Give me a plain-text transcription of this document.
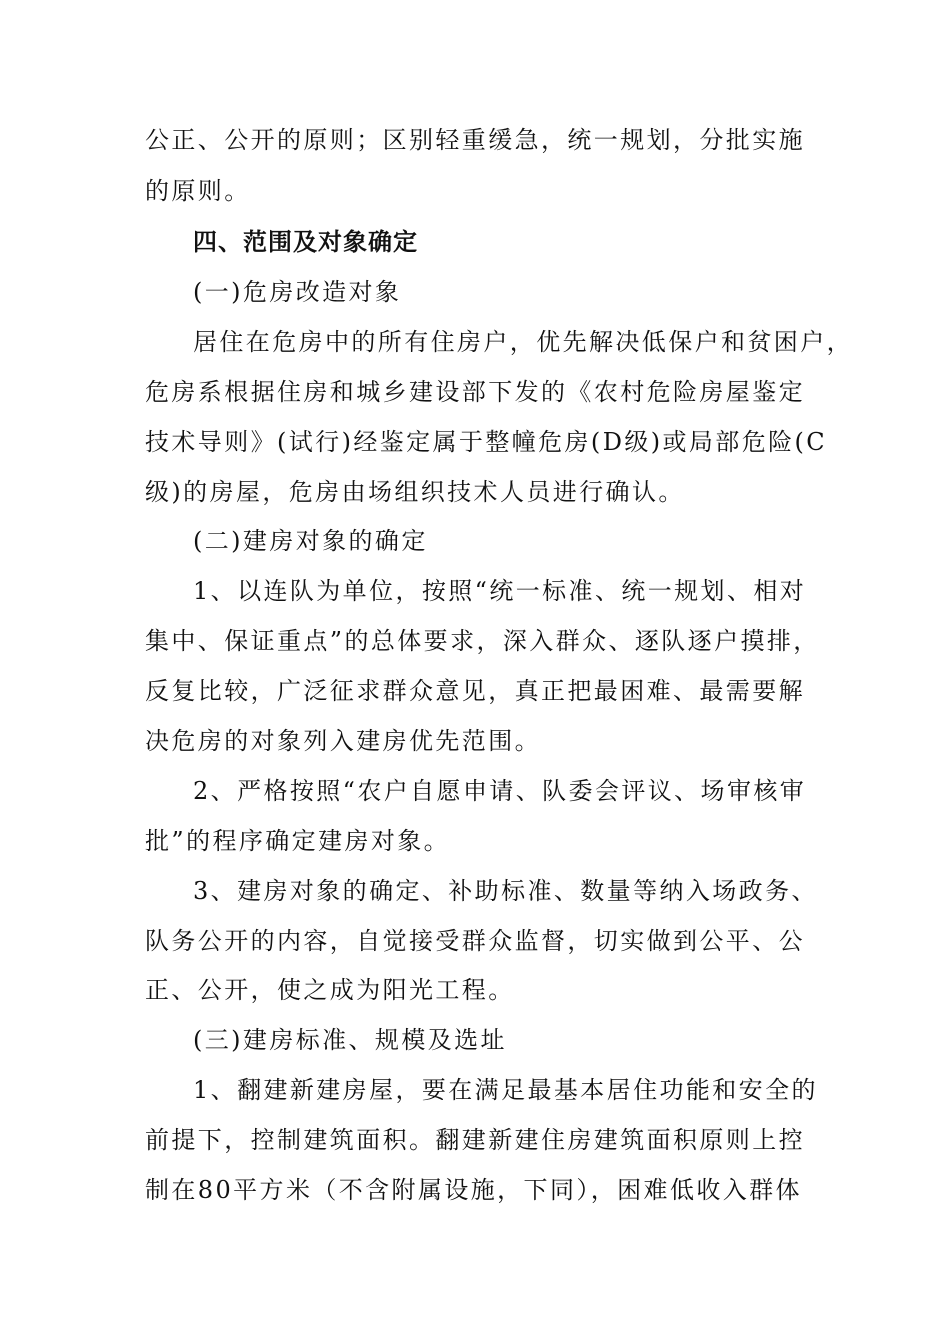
公正、公开的原则；区别轻重缓急，统一规划，分批实施
的原则。
四、范围及对象确定
(一)危房改造对象
居住在危房中的所有住房户，优先解决低保户和贫困户，
危房系根据住房和城乡建设部下发的《农村危险房屋鉴定
技术导则》(试行)经鉴定属于整幢危房(D级)或局部危险(C
级)的房屋，危房由场组织技术人员进行确认。
(二)建房对象的确定
1、以连队为单位，按照“统一标准、统一规划、相对
集中、保证重点”的总体要求，深入群众、逐队逐户摸排，
反复比较，广泛征求群众意见，真正把最困难、最需要解
决危房的对象列入建房优先范围。
2、严格按照“农户自愿申请、队委会评议、场审核审
批”的程序确定建房对象。
3、建房对象的确定、补助标准、数量等纳入场政务、
队务公开的内容，自觉接受群众监督，切实做到公平、公
正、公开，使之成为阳光工程。
(三)建房标准、规模及选址
1、翻建新建房屋，要在满足最基本居住功能和安全的
前提下，控制建筑面积。翻建新建住房建筑面积原则上控
制在80平方米（不含附属设施，下同），困难低收入群体
